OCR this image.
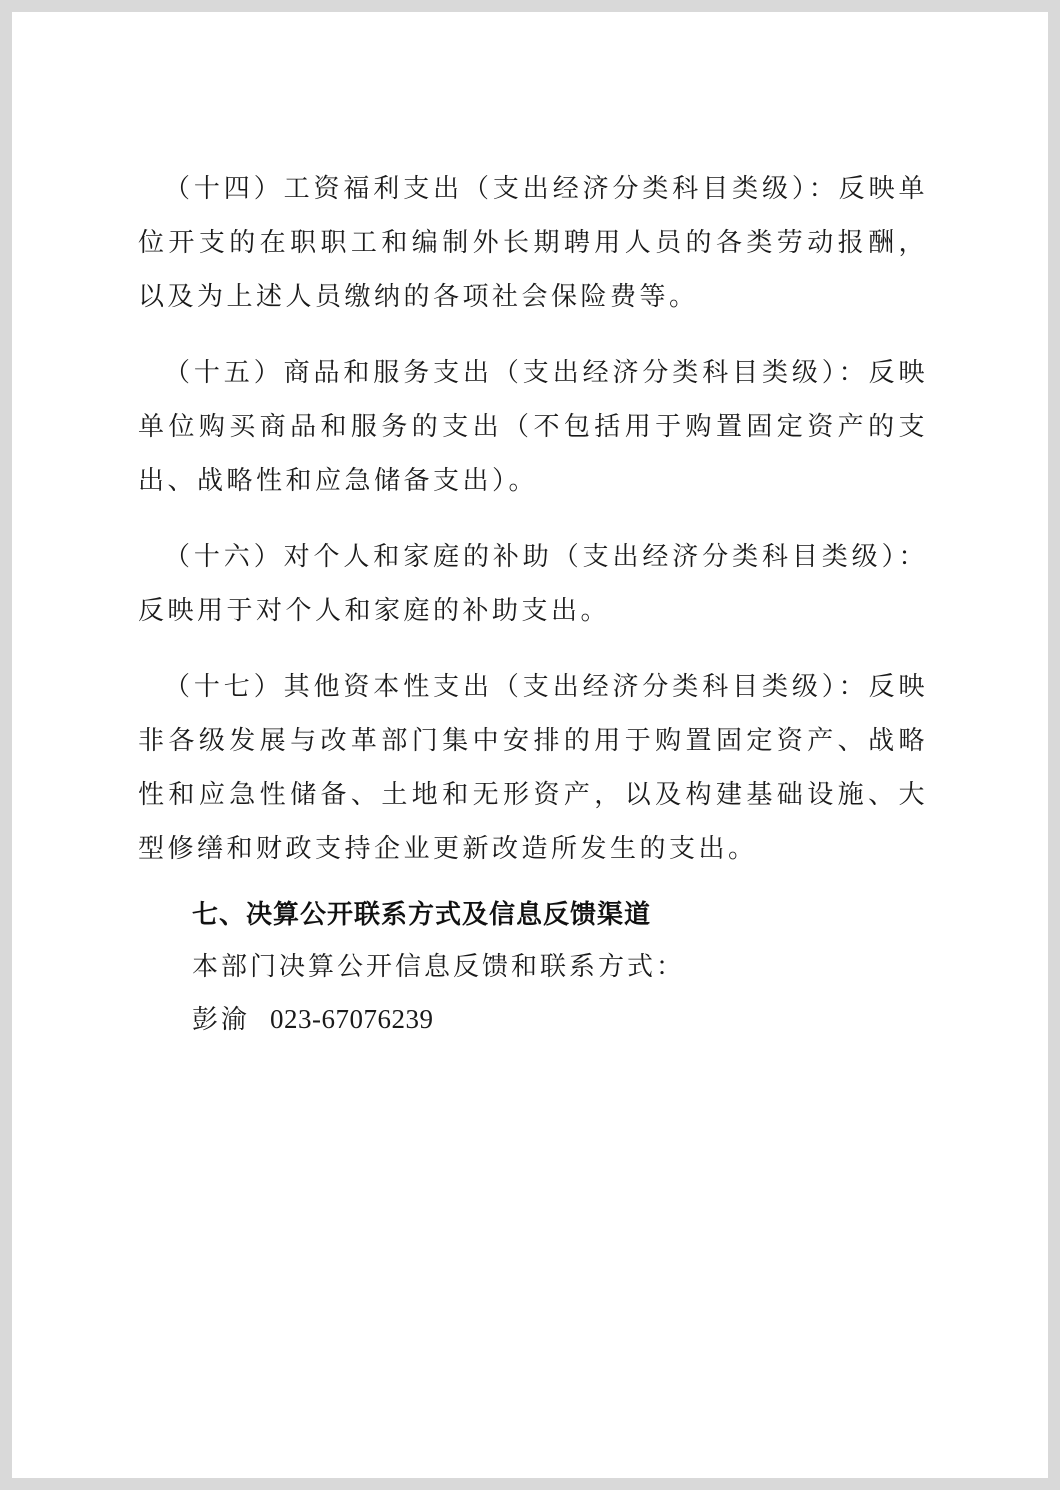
（十四）工资福利支出（支出经济分类科目类级）：反映单位开支的在职职工和编制外长期聘用人员的各类劳动报酬，以及为上述人员缴纳的各项社会保险费等。

（十五）商品和服务支出（支出经济分类科目类级）：反映单位购买商品和服务的支出（不包括用于购置固定资产的支出、战略性和应急储备支出）。

（十六）对个人和家庭的补助（支出经济分类科目类级）：反映用于对个人和家庭的补助支出。

（十七）其他资本性支出（支出经济分类科目类级）：反映非各级发展与改革部门集中安排的用于购置固定资产、战略性和应急性储备、土地和无形资产，以及构建基础设施、大型修缮和财政支持企业更新改造所发生的支出。

七、决算公开联系方式及信息反馈渠道

本部门决算公开信息反馈和联系方式：

彭渝 023-67076239
